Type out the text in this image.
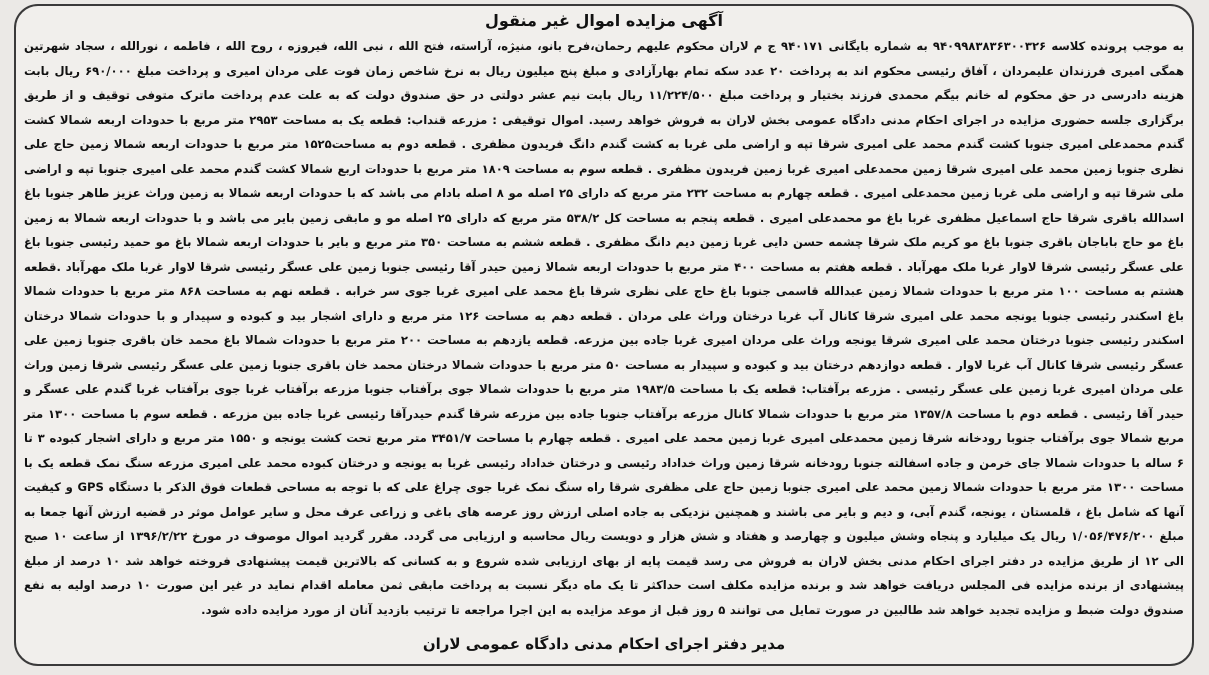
آگهی مزایده اموال غیر منقول
به موجب پرونده کلاسه ۹۴۰۹۹۸۳۸۳۶۳۰۰۳۲۶ به شماره بایگانی ۹۴۰۱۷۱ ج م لاران محکوم علیهم رحمان،فرح بانو، منیژه، آراسته، فتح الله ، نبی الله، فیروزه ، روح الله ، فاطمه ، نورالله ، سجاد شهرتین همگی امیری فرزندان علیمردان ، آفاق رئیسی محکوم اند به پرداخت ۲۰ عدد سکه تمام بهارآزادی و مبلغ پنج میلیون ریال به نرخ شاخص زمان فوت علی مردان امیری و پرداخت مبلغ ۶۹۰/۰۰۰ ریال بابت هزینه دادرسی در حق محکوم له خانم بیگم محمدی فرزند بختیار و پرداخت مبلغ ۱۱/۲۲۴/۵۰۰ ریال بابت نیم عشر دولتی در حق صندوق دولت که به علت عدم پرداخت ماترک متوفی توقیف و از طریق برگزاری جلسه حضوری مزایده در اجرای احکام مدنی دادگاه عمومی بخش لاران به فروش خواهد رسید. اموال توقیفی : مزرعه قنداب: قطعه یک به مساحت ۲۹۵۳ متر مربع با حدودات اربعه شمالا کشت گندم محمدعلی امیری جنوبا کشت گندم محمد علی امیری شرقا تپه و اراضی ملی غربا به کشت گندم دانگ فریدون مظفری . قطعه دوم به مساحت۱۵۲۵ متر مربع با حدودات اربعه شمالا زمین حاج علی نظری جنوبا زمین محمد علی امیری شرقا زمین محمدعلی امیری غربا زمین فریدون مظفری . قطعه سوم به مساحت ۱۸۰۹ متر مربع با حدودات اربع شمالا کشت گندم محمد علی امیری جنوبا تپه و اراضی ملی شرقا تپه و اراضی ملی غربا زمین محمدعلی امیری . قطعه چهارم به مساحت ۲۳۲ متر مربع که دارای ۲۵ اصله مو ۸ اصله بادام می باشد که با حدودات اربعه شمالا به زمین وراث عزیز طاهر جنوبا باغ اسدالله باقری شرقا حاج اسماعیل مظفری غربا باغ مو محمدعلی امیری . قطعه پنجم به مساحت کل ۵۳۸/۲ متر مربع که دارای ۲۵ اصله مو و مابقی زمین بایر می باشد و با حدودات اربعه شمالا به زمین باغ مو حاج باباجان باقری جنوبا باغ مو کریم ملک شرقا چشمه حسن دایی غربا زمین دیم دانگ مظفری . قطعه ششم به مساحت ۳۵۰ متر مربع و بایر با حدودات اربعه شمالا باغ مو حمید رئیسی جنوبا باغ علی عسگر رئیسی شرقا لاوار غربا ملک مهرآباد . قطعه هفتم به مساحت ۴۰۰ متر مربع با حدودات اربعه شمالا زمین حیدر آقا رئیسی جنوبا زمین علی عسگر رئیسی شرقا لاوار غربا ملک مهرآباد .قطعه هشتم به مساحت ۱۰۰ متر مربع با حدودات شمالا زمین عبدالله قاسمی جنوبا باغ حاج علی نظری شرقا باغ محمد علی امیری غربا جوی سر خرابه . قطعه نهم به مساحت ۸۶۸ متر مربع با حدودات شمالا باغ اسکندر رئیسی جنوبا یونجه محمد علی امیری شرقا کانال آب غربا درختان وراث علی مردان . قطعه دهم به مساحت ۱۲۶ متر مربع و دارای اشجار بید و کبوده و سپیدار و با حدودات شمالا درختان اسکندر رئیسی جنوبا درختان محمد علی امیری شرقا یونجه وراث علی مردان امیری غربا جاده بین مزرعه. قطعه یازدهم به مساحت ۲۰۰ متر مربع با حدودات شمالا باغ محمد خان باقری جنوبا زمین علی عسگر رئیسی شرقا کانال آب غربا لاوار . قطعه دوازدهم درختان بید و کبوده و سپیدار به مساحت ۵۰ متر مربع با حدودات شمالا درختان محمد خان باقری جنوبا زمین علی عسگر رئیسی شرقا زمین وراث علی مردان امیری غربا زمین علی عسگر رئیسی . مزرعه برآفتاب: قطعه یک با مساحت ۱۹۸۳/۵ متر مربع با حدودات شمالا جوی برآفتاب جنوبا مزرعه برآفتاب غربا جوی برآفتاب غربا گندم علی عسگر و حیدر آقا رئیسی . قطعه دوم با مساحت ۱۳۵۷/۸ متر مربع با حدودات شمالا کانال مزرعه برآفتاب جنوبا جاده بین مزرعه شرقا گندم حیدرآقا رئیسی غربا جاده بین مزرعه . قطعه سوم با مساحت ۱۳۰۰ متر مربع شمالا جوی برآفتاب جنوبا رودخانه شرقا زمین محمدعلی امیری غربا زمین محمد علی امیری . قطعه چهارم با مساحت ۳۴۵۱/۷ متر مربع تحت کشت یونجه و ۱۵۵۰ متر مربع و دارای اشجار کبوده ۳ تا ۶ ساله با حدودات شمالا جای خرمن و جاده اسفالته جنوبا رودخانه شرقا زمین وراث خداداد رئیسی و درختان خداداد رئیسی غربا به یونجه و درختان کبوده محمد علی امیری مزرعه سنگ نمک قطعه یک با مساحت ۱۳۰۰ متر مربع با حدودات شمالا زمین محمد علی امیری جنوبا زمین حاج علی مظفری شرقا راه سنگ نمک غربا جوی چراغ علی که با توجه به مساحی قطعات فوق الذکر با دستگاه GPS و کیفیت آنها که شامل باغ ، قلمستان ، یونجه، گندم آبی، و دیم و بایر می باشند و همچنین نزدیکی به جاده اصلی ارزش روز عرصه های باغی و زراعی عرف محل و سایر عوامل موثر در قضیه ارزش آنها جمعا به مبلغ ۱/۰۵۶/۴۷۶/۲۰۰ ریال یک میلیارد و پنجاه وشش میلیون و چهارصد و هفتاد و شش هزار و دویست ریال محاسبه و ارزیابی می گردد. مقرر گردید اموال موصوف در مورخ ۱۳۹۶/۲/۲۲ از ساعت ۱۰ صبح الی ۱۲ از طریق مزایده در دفتر اجرای احکام مدنی بخش لاران به فروش می رسد قیمت پایه از بهای ارزیابی شده شروع و به کسانی که بالاترین قیمت پیشنهادی فروخته خواهد شد ۱۰ درصد از مبلغ پیشنهادی از برنده مزایده فی المجلس دریافت خواهد شد و برنده مزایده مکلف است حداکثر تا یک ماه دیگر نسبت به پرداخت مابقی ثمن معامله اقدام نماید در غیر این صورت ۱۰ درصد اولیه به نفع صندوق دولت ضبط و مزایده تجدید خواهد شد طالبین در صورت تمایل می توانند ۵ روز قبل از موعد مزایده به این اجرا مراجعه تا ترتیب بازدید آنان از مورد مزایده داده شود.
مدیر دفتر اجرای احکام مدنی دادگاه عمومی لاران
